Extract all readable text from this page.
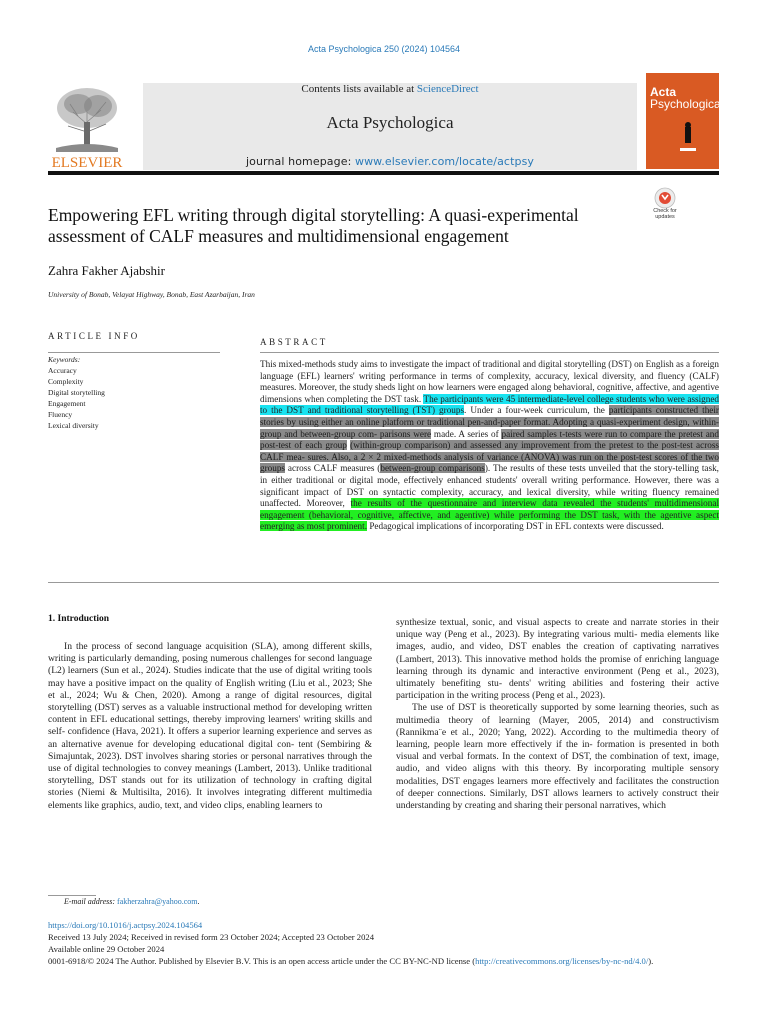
Acta Psychologica 250 (2024) 104564
ELSEVIER
Contents lists available at ScienceDirect
Acta Psychologica
journal homepage: www.elsevier.com/locate/actpsy
Acta
Psychologica
Empowering EFL writing through digital storytelling: A quasi-experimental assessment of CALF measures and multidimensional engagement
Check for updates
Zahra Fakher Ajabshir
University of Bonab, Velayat Highway, Bonab, East Azarbaijan, Iran
ARTICLE INFO
Keywords:
Accuracy
Complexity
Digital storytelling
Engagement
Fluency
Lexical diversity
ABSTRACT
This mixed-methods study aims to investigate the impact of traditional and digital storytelling (DST) on English as a foreign language (EFL) learners' writing performance in terms of complexity, accuracy, lexical diversity, and fluency (CALF) measures. Moreover, the study sheds light on how learners were engaged along behavioral, cognitive, affective, and agentive dimensions when completing the DST task. The participants were 45 intermediate-level college students who were assigned to the DST and traditional storytelling (TST) groups. Under a four-week curriculum, the participants constructed their stories by using either an online platform or traditional pen-and-paper format. Adopting a quasi-experiment design, within-group and between-group com- parisons were made. A series of paired samples t-tests were run to compare the pretest and post-test of each group (within-group comparison) and assessed any improvement from the pretest to the post-test across CALF mea- sures. Also, a 2 × 2 mixed-methods analysis of variance (ANOVA) was run on the post-test scores of the two groups across CALF measures (between-group comparisons). The results of these tests unveiled that the story-telling task, in either traditional or digital mode, effectively enhanced students' overall writing performance. However, there was a significant impact of DST on syntactic complexity, accuracy, and lexical diversity, while writing fluency remained unaffected. Moreover, the results of the questionnaire and interview data revealed the students' multidimensional engagement (behavioral, cognitive, affective, and agentive) while performing the DST task, with the agentive aspect emerging as most prominent. Pedagogical implications of incorporating DST in EFL contexts were discussed.
1. Introduction

In the process of second language acquisition (SLA), among different skills, writing is particularly demanding, posing numerous challenges for second language (L2) learners (Sun et al., 2024). Studies indicate that the use of digital writing tools may have a positive impact on the quality of English writing (Liu et al., 2023; She et al., 2024; Wu & Chen, 2020). Among a range of digital resources, digital storytelling (DST) serves as a valuable instructional method for developing written content in EFL educational settings, thereby improving learners' writing skills and self- confidence (Hava, 2021). It offers a superior learning experience and serves as an alternative avenue for developing educational digital con- tent (Sembiring & Simajuntak, 2023). DST involves sharing stories or personal narratives through the use of digital technologies to convey meanings (Lambert, 2013). Unlike traditional storytelling, DST stands out for its utilization of technology in crafting digital stories (Niemi & Multisilta, 2016). It involves integrating different multimedia elements like graphics, audio, text, and video clips, enabling learners to

synthesize textual, sonic, and visual aspects to create and narrate stories in their unique way (Peng et al., 2023). By integrating various multi- media elements like images, audio, and video, DST enables the creation of captivating narratives (Lambert, 2013). This innovative method holds the promise of enriching language learning through its dynamic and interactive environment (Peng et al., 2023), ultimately benefiting stu- dents' writing abilities and fostering their active participation in the writing process (Peng et al., 2023).

The use of DST is theoretically supported by some learning theories, such as multimedia theory of learning (Mayer, 2005, 2014) and constructivism (Rannikma¨e et al., 2020; Yang, 2022). According to the multimedia theory of learning, people learn more effectively if the in- formation is presented in both visual and verbal formats. In the context of DST, the combination of text, image, audio, and video aligns with this theory. By incorporating multiple sensory modalities, DST engages learners more effectively and facilitates the construction of deeper connections. Similarly, DST allows learners to actively construct their understanding by creating and sharing their personal narratives, which

E-mail address: fakherzahra@yahoo.com.
https://doi.org/10.1016/j.actpsy.2024.104564
Received 13 July 2024; Received in revised form 23 October 2024; Accepted 23 October 2024
Available online 29 October 2024
0001-6918/© 2024 The Author. Published by Elsevier B.V. This is an open access article under the CC BY-NC-ND license (http://creativecommons.org/licenses/by-nc-nd/4.0/).
